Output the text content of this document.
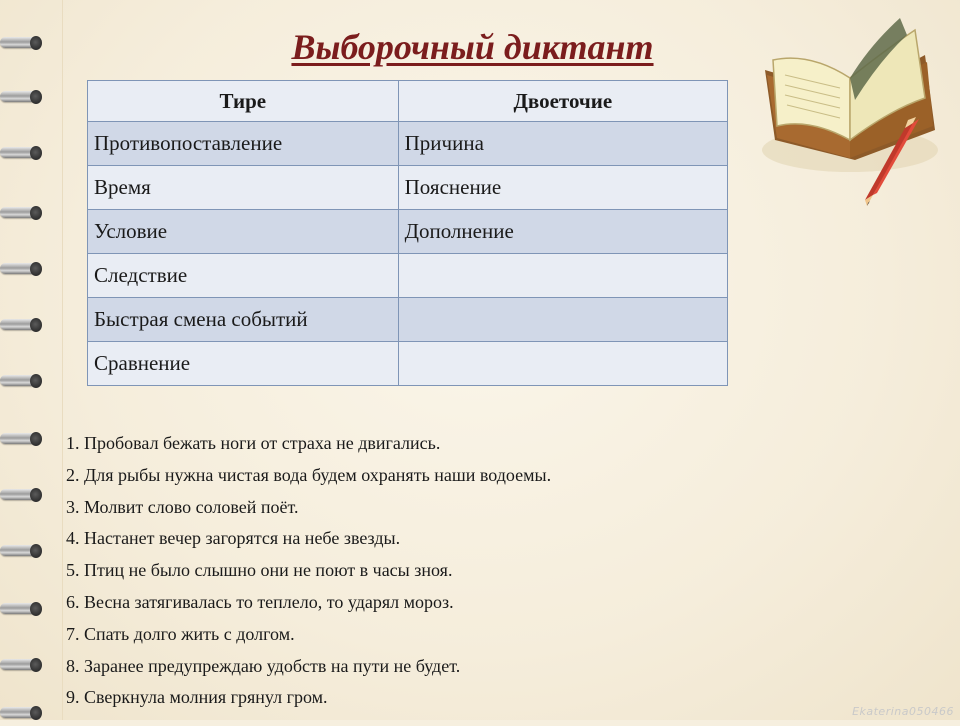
Выборочный диктант
Тире	Двоеточие
Противопоставление	Причина
Время	Пояснение
Условие	Дополнение
Следствие	
Быстрая смена событий	
Сравнение	
1. Пробовал бежать ноги от страха не двигались.
2. Для рыбы нужна чистая вода будем охранять наши водоемы.
3. Молвит слово соловей поёт.
4. Настанет вечер загорятся на небе звезды.
5. Птиц не было слышно они не поют в часы зноя.
6. Весна затягивалась то теплело, то ударял мороз.
7. Спать долго жить с долгом.
8. Заранее предупреждаю удобств на пути не будет.
9. Сверкнула молния грянул гром.
Ekaterina050466
